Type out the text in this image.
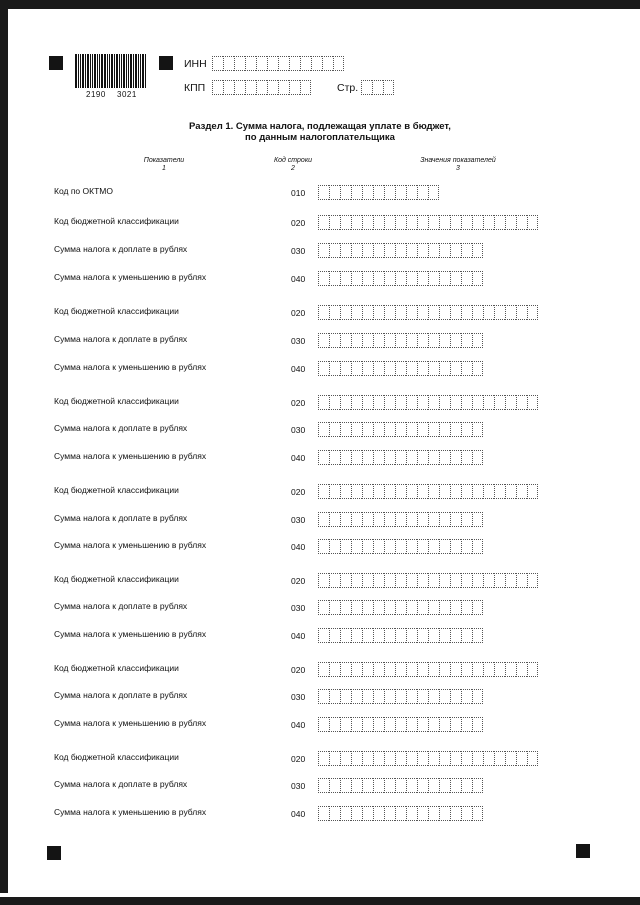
2190 3021
ИНН
КПП	Стр.
Раздел 1. Сумма налога, подлежащая уплате в бюджет,
по данным налогоплательщика
Показатели
1
Код строки
2
Значения показателей
3
Код по ОКТМО	010
Код бюджетной классификации	020
Сумма налога к доплате в рублях	030
Сумма налога к уменьшению в рублях	040
Код бюджетной классификации	020
Сумма налога к доплате в рублях	030
Сумма налога к уменьшению в рублях	040
Код бюджетной классификации	020
Сумма налога к доплате в рублях	030
Сумма налога к уменьшению в рублях	040
Код бюджетной классификации	020
Сумма налога к доплате в рублях	030
Сумма налога к уменьшению в рублях	040
Код бюджетной классификации	020
Сумма налога к доплате в рублях	030
Сумма налога к уменьшению в рублях	040
Код бюджетной классификации	020
Сумма налога к доплате в рублях	030
Сумма налога к уменьшению в рублях	040
Код бюджетной классификации	020
Сумма налога к доплате в рублях	030
Сумма налога к уменьшению в рублях	040
